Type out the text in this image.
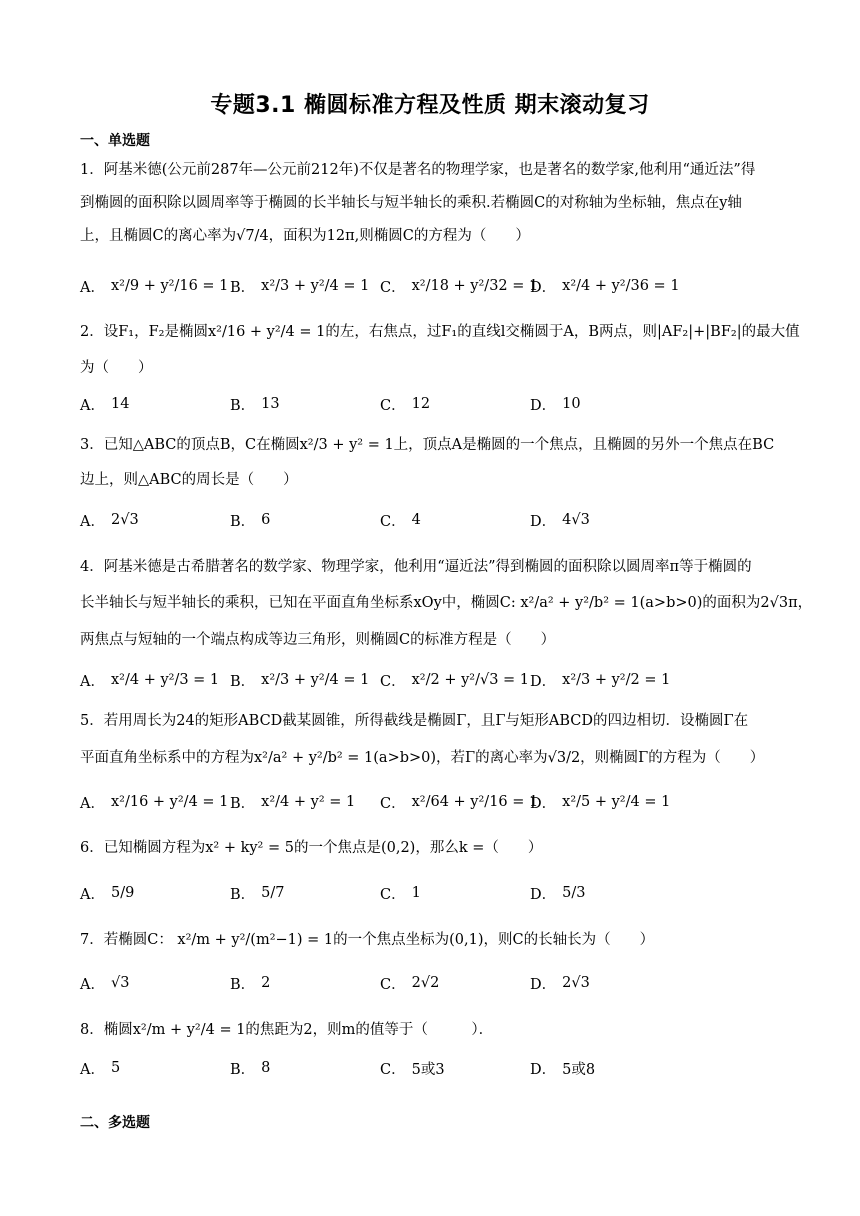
专题3.1 椭圆标准方程及性质 期末滚动复习
一、单选题
1．阿基米德(公元前287年—公元前212年)不仅是著名的物理学家，也是著名的数学家,他利用“通近法”得
到椭圆的面积除以圆周率等于椭圆的长半轴长与短半轴长的乘积.若椭圆C的对称轴为坐标轴，焦点在y轴
上，且椭圆C的离心率为√7/4，面积为12π,则椭圆C的方程为（　　）
A． x²/9 + y²/16 = 1 B． x²/3 + y²/4 = 1 C． x²/18 + y²/32 = 1
D． x²/4 + y²/36 = 1
2．设F₁，F₂是椭圆x²/16 + y²/4 = 1的左，右焦点，过F₁的直线l交椭圆于A，B两点，则|AF₂|+|BF₂|的最大值
为（　　）
A． 14	B． 13	C． 12	D． 10
3．已知△ABC的顶点B，C在椭圆x²/3 + y² = 1上，顶点A是椭圆的一个焦点，且椭圆的另外一个焦点在BC
边上，则△ABC的周长是（　　）
A． 2√3	B． 6	C． 4	D． 4√3
4．阿基米德是古希腊著名的数学家、物理学家，他利用“逼近法”得到椭圆的面积除以圆周率π等于椭圆的
长半轴长与短半轴长的乘积，已知在平面直角坐标系xOy中，椭圆C: x²/a² + y²/b² = 1(a>b>0)的面积为2√3π，
两焦点与短轴的一个端点构成等边三角形，则椭圆C的标准方程是（　　）
A． x²/4 + y²/3 = 1 B． x²/3 + y²/4 = 1 C． x²/2 + y²/√3 = 1 D． x²/3 + y²/2 = 1
5．若用周长为24的矩形ABCD截某圆锥，所得截线是椭圆Γ，且Γ与矩形ABCD的四边相切．设椭圆Γ在
平面直角坐标系中的方程为x²/a² + y²/b² = 1(a>b>0)，若Γ的离心率为√3/2，则椭圆Γ的方程为（　　）
A． x²/16 + y²/4 = 1 B． x²/4 + y² = 1 C． x²/64 + y²/16 = 1
D． x²/5 + y²/4 = 1
6．已知椭圆方程为x² + ky² = 5的一个焦点是(0,2)，那么k =（　　）
A． 5/9	B． 5/7	C． 1	D． 5/3
7．若椭圆C： x²/m + y²/(m²−1) = 1的一个焦点坐标为(0,1)，则C的长轴长为（　　）
A． √3	B． 2	C． 2√2	D． 2√3
8．椭圆x²/m + y²/4 = 1的焦距为2，则m的值等于（　　　）．
A． 5	B． 8	C． 5或3	D． 5或8
二、多选题
